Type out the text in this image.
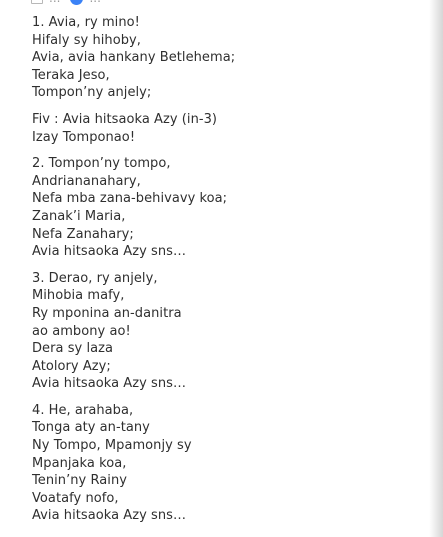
1. Avia, ry mino!
Hifaly sy hihoby,
Avia, avia hankany Betlehema;
Teraka Jeso,
Tompon’ny anjely;
Fiv : Avia hitsaoka Azy (in-3)
Izay Tomponao!
2. Tompon’ny tompo,
Andriananahary,
Nefa mba zana-behivavy koa;
Zanak’i Maria,
Nefa Zanahary;
Avia hitsaoka Azy sns…
3. Derao, ry anjely,
Mihobia mafy,
Ry mponina an-danitra
ao ambony ao!
Dera sy laza
Atolory Azy;
Avia hitsaoka Azy sns…
4. He, arahaba,
Tonga aty an-tany
Ny Tompo, Mpamonjy sy
Mpanjaka koa,
Tenin’ny Rainy
Voatafy nofo,
Avia hitsaoka Azy sns…
